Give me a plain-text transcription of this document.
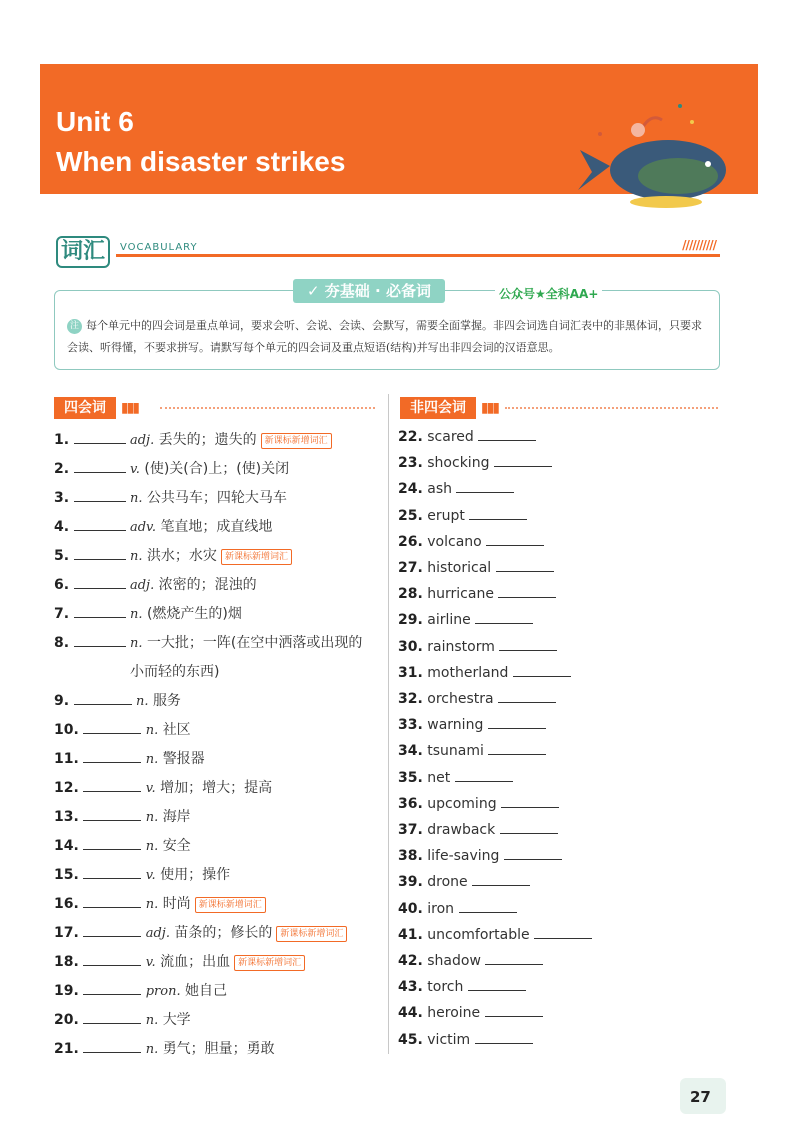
Unit 6
When disaster strikes
词汇	VOCABULARY	//////////
✓ 夯基础 · 必备词	公众号★全科AA+
注 每个单元中的四会词是重点单词，要求会听、会说、会读、会默写，需要全面掌握。非四会词选自词汇表中的非黑体词，只要求会读、听得懂，不要求拼写。请默写每个单元的四会词及重点短语(结构)并写出非四会词的汉语意思。
四会词 ▮▮▮	非四会词 ▮▮▮
1.	adj. 丢失的；遗失的 新课标新增词汇
2.	v. (使)关(合)上；(使)关闭
3.	n. 公共马车；四轮大马车
4.	adv. 笔直地；成直线地
5.	n. 洪水；水灾 新课标新增词汇
6.	adj. 浓密的；混浊的
7.	n. (燃烧产生的)烟
8.	n. 一大批；一阵(在空中洒落或出现的
小而轻的东西)
9.	n. 服务
10.	n. 社区
11.	n. 警报器
12.	v. 增加；增大；提高
13.	n. 海岸
14.	n. 安全
15.	v. 使用；操作
16.	n. 时尚 新课标新增词汇
17.	adj. 苗条的；修长的 新课标新增词汇
18.	v. 流血；出血 新课标新增词汇
19.	pron. 她自己
20.	n. 大学
21.	n. 勇气；胆量；勇敢
22. scared
23. shocking
24. ash
25. erupt
26. volcano
27. historical
28. hurricane
29. airline
30. rainstorm
31. motherland
32. orchestra
33. warning
34. tsunami
35. net
36. upcoming
37. drawback
38. life-saving
39. drone
40. iron
41. uncomfortable
42. shadow
43. torch
44. heroine
45. victim
27
